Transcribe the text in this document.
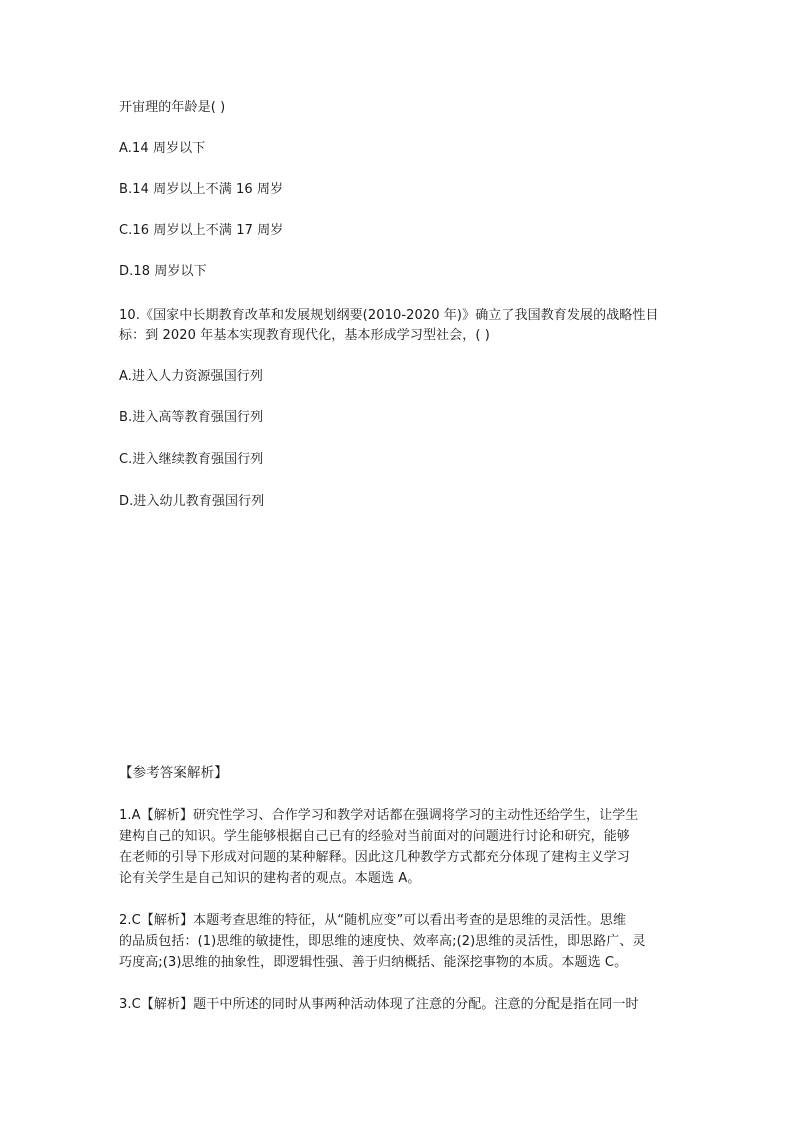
开宙理的年龄是( )
A.14 周岁以下
B.14 周岁以上不满 16 周岁
C.16 周岁以上不满 17 周岁
D.18 周岁以下
10.《国家中长期教育改革和发展规划纲要(2010-2020 年)》确立了我国教育发展的战略性目
标：到 2020 年基本实现教育现代化，基本形成学习型社会，( )
A.进入人力资源强国行列
B.进入高等教育强国行列
C.进入继续教育强国行列
D.进入幼儿教育强国行列
【参考答案解析】
1.A【解析】研究性学习、合作学习和教学对话都在强调将学习的主动性还给学生，让学生
建构自己的知识。学生能够根据自己已有的经验对当前面对的问题进行讨论和研究，能够
在老师的引导下形成对问题的某种解释。因此这几种教学方式都充分体现了建构主义学习
论有关学生是自己知识的建构者的观点。本题选 A。
2.C【解析】本题考查思维的特征，从“随机应变”可以看出考查的是思维的灵活性。思维
的品质包括：(1)思维的敏捷性，即思维的速度快、效率高;(2)思维的灵活性，即思路广、灵
巧度高;(3)思维的抽象性，即逻辑性强、善于归纳概括、能深挖事物的本质。本题选 C。
3.C【解析】题干中所述的同时从事两种活动体现了注意的分配。注意的分配是指在同一时
